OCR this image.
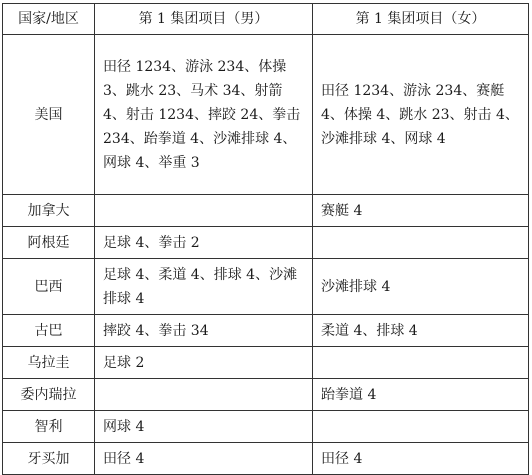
国家/地区	第 1 集团项目（男）	第 1 集团项目（女）
美国	田径 1234、游泳 234、体操 3、跳水 23、马术 34、射箭 4、射击 1234、摔跤 24、拳击 234、跆拳道 4、沙滩排球 4、网球 4、举重 3	田径 1234、游泳 234、赛艇 4、体操 4、跳水 23、射击 4、沙滩排球 4、网球 4
加拿大		赛艇 4
阿根廷	足球 4、拳击 2	
巴西	足球 4、柔道 4、排球 4、沙滩排球 4	沙滩排球 4
古巴	摔跤 4、拳击 34	柔道 4、排球 4
乌拉圭	足球 2	
委内瑞拉		跆拳道 4
智利	网球 4	
牙买加	田径 4	田径 4
